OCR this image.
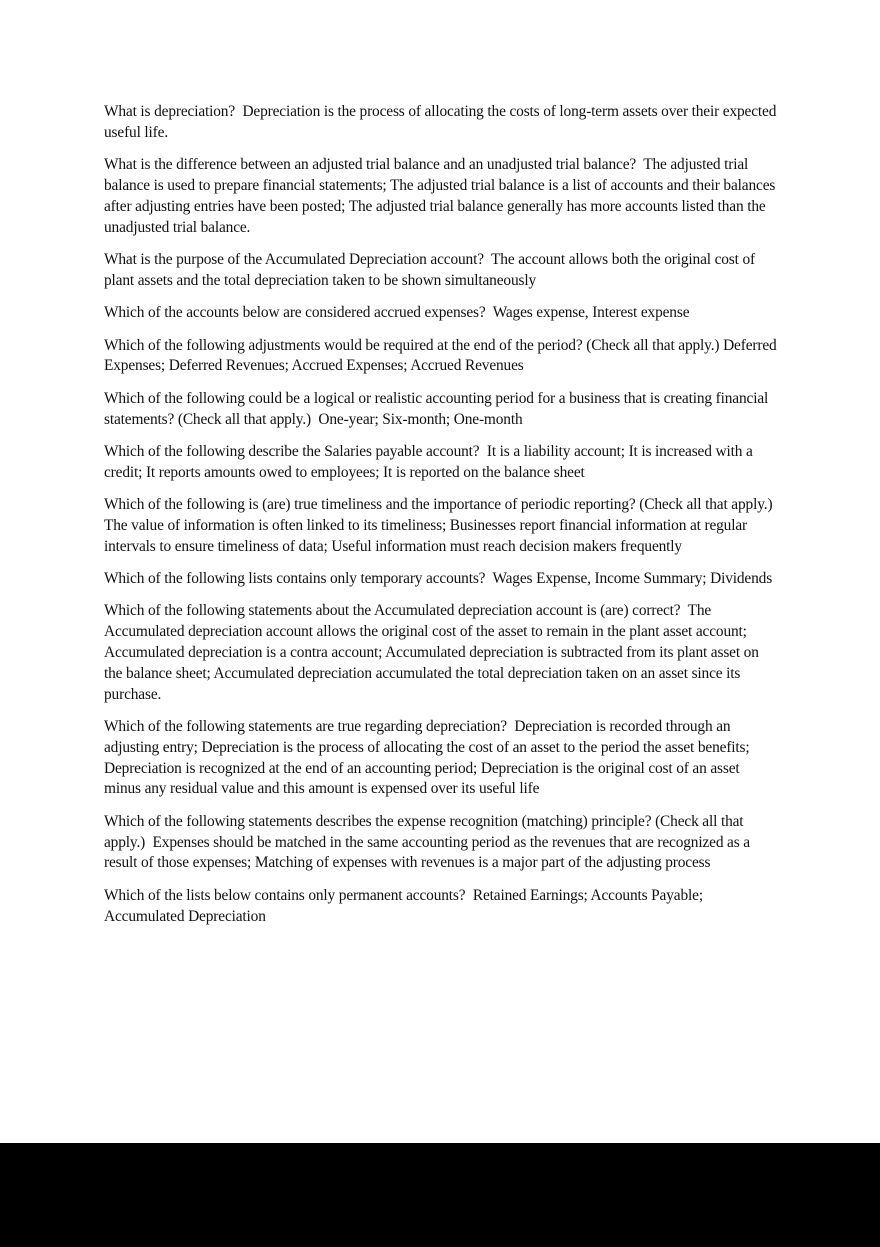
What is depreciation? Depreciation is the process of allocating the costs of long-term assets over their expected useful life.

What is the difference between an adjusted trial balance and an unadjusted trial balance? The adjusted trial balance is used to prepare financial statements; The adjusted trial balance is a list of accounts and their balances after adjusting entries have been posted; The adjusted trial balance generally has more accounts listed than the unadjusted trial balance.

What is the purpose of the Accumulated Depreciation account? The account allows both the original cost of plant assets and the total depreciation taken to be shown simultaneously

Which of the accounts below are considered accrued expenses? Wages expense, Interest expense

Which of the following adjustments would be required at the end of the period? (Check all that apply.) Deferred Expenses; Deferred Revenues; Accrued Expenses; Accrued Revenues

Which of the following could be a logical or realistic accounting period for a business that is creating financial statements? (Check all that apply.) One-year; Six-month; One-month

Which of the following describe the Salaries payable account? It is a liability account; It is increased with a credit; It reports amounts owed to employees; It is reported on the balance sheet

Which of the following is (are) true timeliness and the importance of periodic reporting? (Check all that apply.)  The value of information is often linked to its timeliness; Businesses report financial information at regular intervals to ensure timeliness of data; Useful information must reach decision makers frequently

Which of the following lists contains only temporary accounts? Wages Expense, Income Summary; Dividends

Which of the following statements about the Accumulated depreciation account is (are) correct? The Accumulated depreciation account allows the original cost of the asset to remain in the plant asset account; Accumulated depreciation is a contra account; Accumulated depreciation is subtracted from its plant asset on the balance sheet; Accumulated depreciation accumulated the total depreciation taken on an asset since its purchase.

Which of the following statements are true regarding depreciation? Depreciation is recorded through an adjusting entry; Depreciation is the process of allocating the cost of an asset to the period the asset benefits; Depreciation is recognized at the end of an accounting period; Depreciation is the original cost of an asset minus any residual value and this amount is expensed over its useful life

Which of the following statements describes the expense recognition (matching) principle? (Check all that apply.) Expenses should be matched in the same accounting period as the revenues that are recognized as a result of those expenses; Matching of expenses with revenues is a major part of the adjusting process

Which of the lists below contains only permanent accounts? Retained Earnings; Accounts Payable; Accumulated Depreciation
